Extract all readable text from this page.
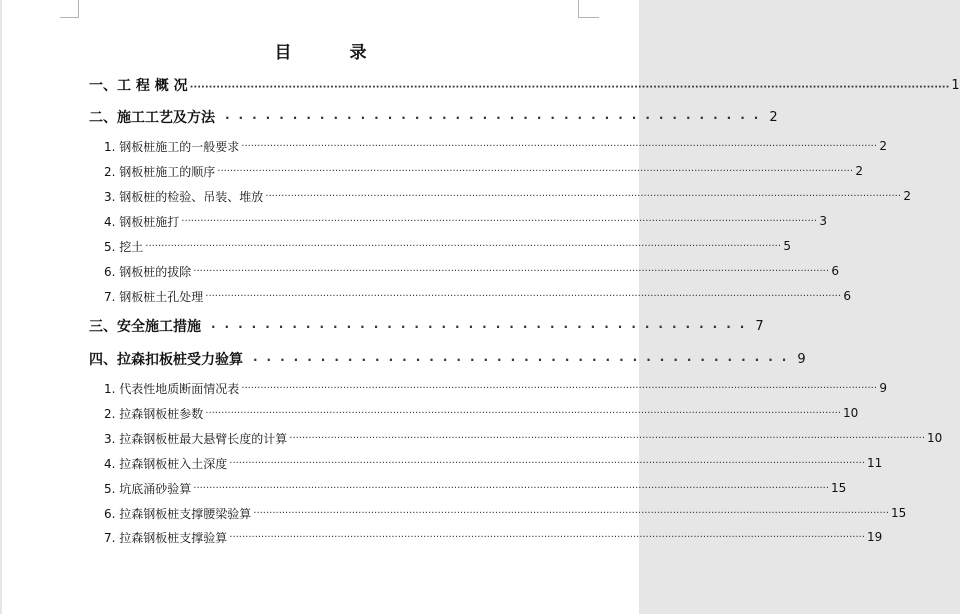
目 录
一、工 程 概 况 ········································································································································································································ 1
二、施工工艺及方法 ········································ 2
1. 钢板桩施工的一般要求 ········································································································································································································ 2
2. 钢板桩施工的顺序 ········································································································································································································ 2
3. 钢板桩的检验、吊装、堆放 ········································································································································································································ 2
4. 钢板桩施打 ········································································································································································································ 3
5. 挖土 ········································································································································································································ 5
6. 钢板桩的拔除 ········································································································································································································ 6
7. 钢板桩土孔处理 ········································································································································································································ 6
三、安全施工措施 ········································ 7
四、拉森扣板桩受力验算 ········································ 9
1. 代表性地质断面情况表 ········································································································································································································ 9
2. 拉森钢板桩参数 ········································································································································································································ 10
3. 拉森钢板桩最大悬臂长度的计算 ········································································································································································································ 10
4. 拉森钢板桩入土深度 ········································································································································································································ 11
5. 坑底涌砂验算 ········································································································································································································ 15
6. 拉森钢板桩支撑腰梁验算 ········································································································································································································ 15
7. 拉森钢板桩支撑验算 ········································································································································································································ 19
